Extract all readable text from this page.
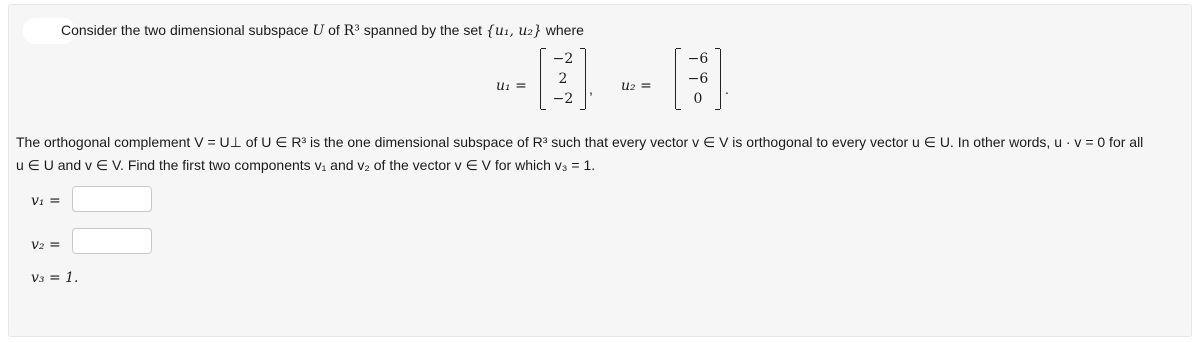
Consider the two dimensional subspace U of R³ spanned by the set {u₁, u₂} where
u₁ =
−2
2
−2
, u₂ =
−6
−6
0
.
The orthogonal complement V = U⊥ of U ∈ R³ is the one dimensional subspace of R³ such that every vector v ∈ V is orthogonal to every vector u ∈ U. In other words, u · v = 0 for all
u ∈ U and v ∈ V. Find the first two components v₁ and v₂ of the vector v ∈ V for which v₃ = 1.
v₁ =
v₂ =
v₃ = 1.
